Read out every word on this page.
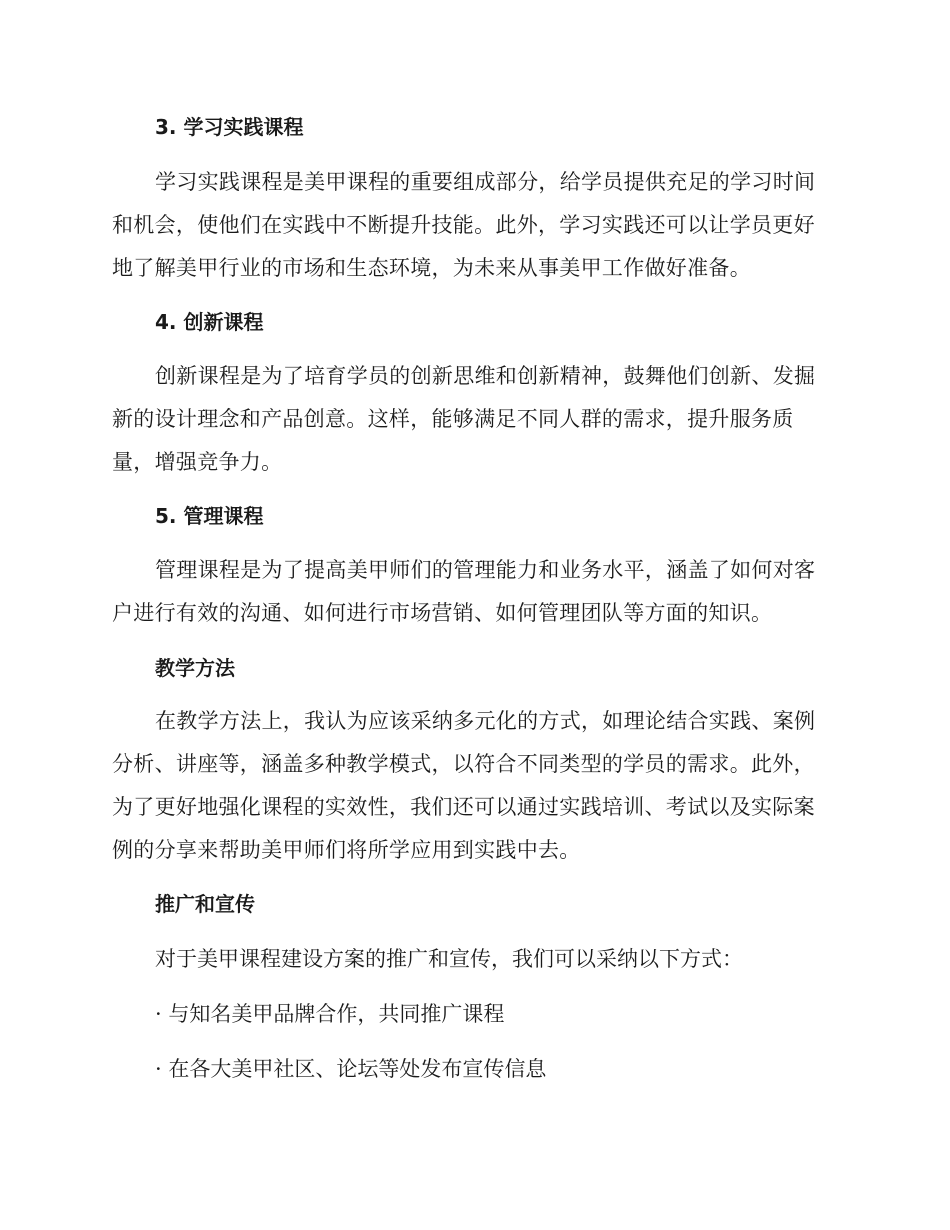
3. 学习实践课程
学习实践课程是美甲课程的重要组成部分，给学员提供充足的学习时间和机会，使他们在实践中不断提升技能。此外，学习实践还可以让学员更好地了解美甲行业的市场和生态环境，为未来从事美甲工作做好准备。
4. 创新课程
创新课程是为了培育学员的创新思维和创新精神，鼓舞他们创新、发掘新的设计理念和产品创意。这样，能够满足不同人群的需求，提升服务质量，增强竞争力。
5. 管理课程
管理课程是为了提高美甲师们的管理能力和业务水平，涵盖了如何对客户进行有效的沟通、如何进行市场营销、如何管理团队等方面的知识。
教学方法
在教学方法上，我认为应该采纳多元化的方式，如理论结合实践、案例分析、讲座等，涵盖多种教学模式，以符合不同类型的学员的需求。此外，为了更好地强化课程的实效性，我们还可以通过实践培训、考试以及实际案例的分享来帮助美甲师们将所学应用到实践中去。
推广和宣传
对于美甲课程建设方案的推广和宣传，我们可以采纳以下方式：
· 与知名美甲品牌合作，共同推广课程
· 在各大美甲社区、论坛等处发布宣传信息
